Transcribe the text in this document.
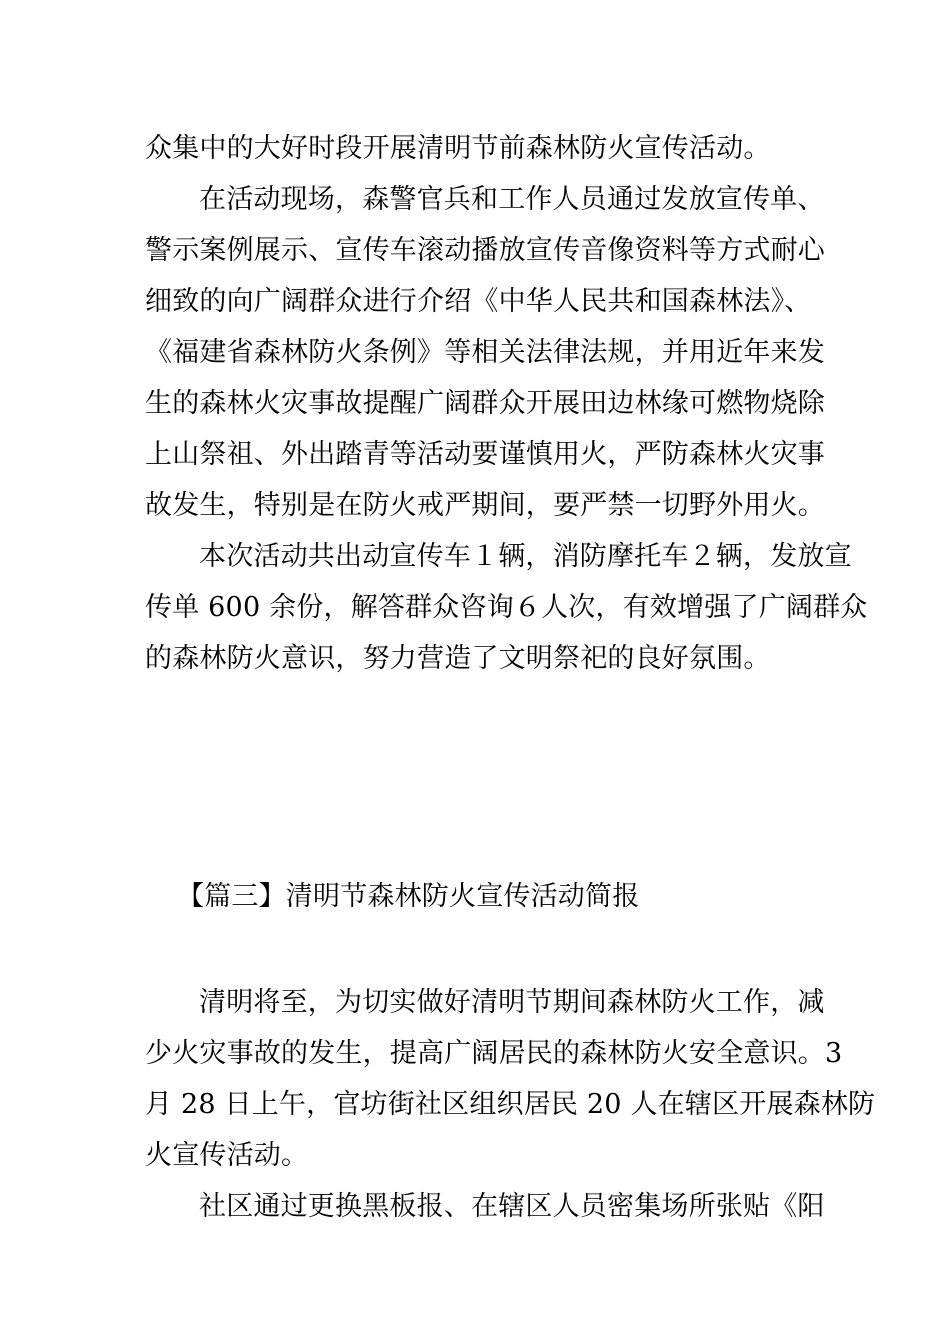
众集中的大好时段开展清明节前森林防火宣传活动。
在活动现场，森警官兵和工作人员通过发放宣传单、
警示案例展示、宣传车滚动播放宣传音像资料等方式耐心
细致的向广阔群众进行介绍《中华人民共和国森林法》、
《福建省森林防火条例》等相关法律法规，并用近年来发
生的森林火灾事故提醒广阔群众开展田边林缘可燃物烧除
上山祭祖、外出踏青等活动要谨慎用火，严防森林火灾事
故发生，特别是在防火戒严期间，要严禁一切野外用火。
本次活动共出动宣传车１辆，消防摩托车２辆，发放宣
传单 600 余份，解答群众咨询６人次，有效增强了广阔群众
的森林防火意识，努力营造了文明祭祀的良好氛围。
【篇三】清明节森林防火宣传活动简报
清明将至，为切实做好清明节期间森林防火工作，减
少火灾事故的发生，提高广阔居民的森林防火安全意识。3
月 28 日上午，官坊街社区组织居民 20 人在辖区开展森林防
火宣传活动。
社区通过更换黑板报、在辖区人员密集场所张贴《阳
